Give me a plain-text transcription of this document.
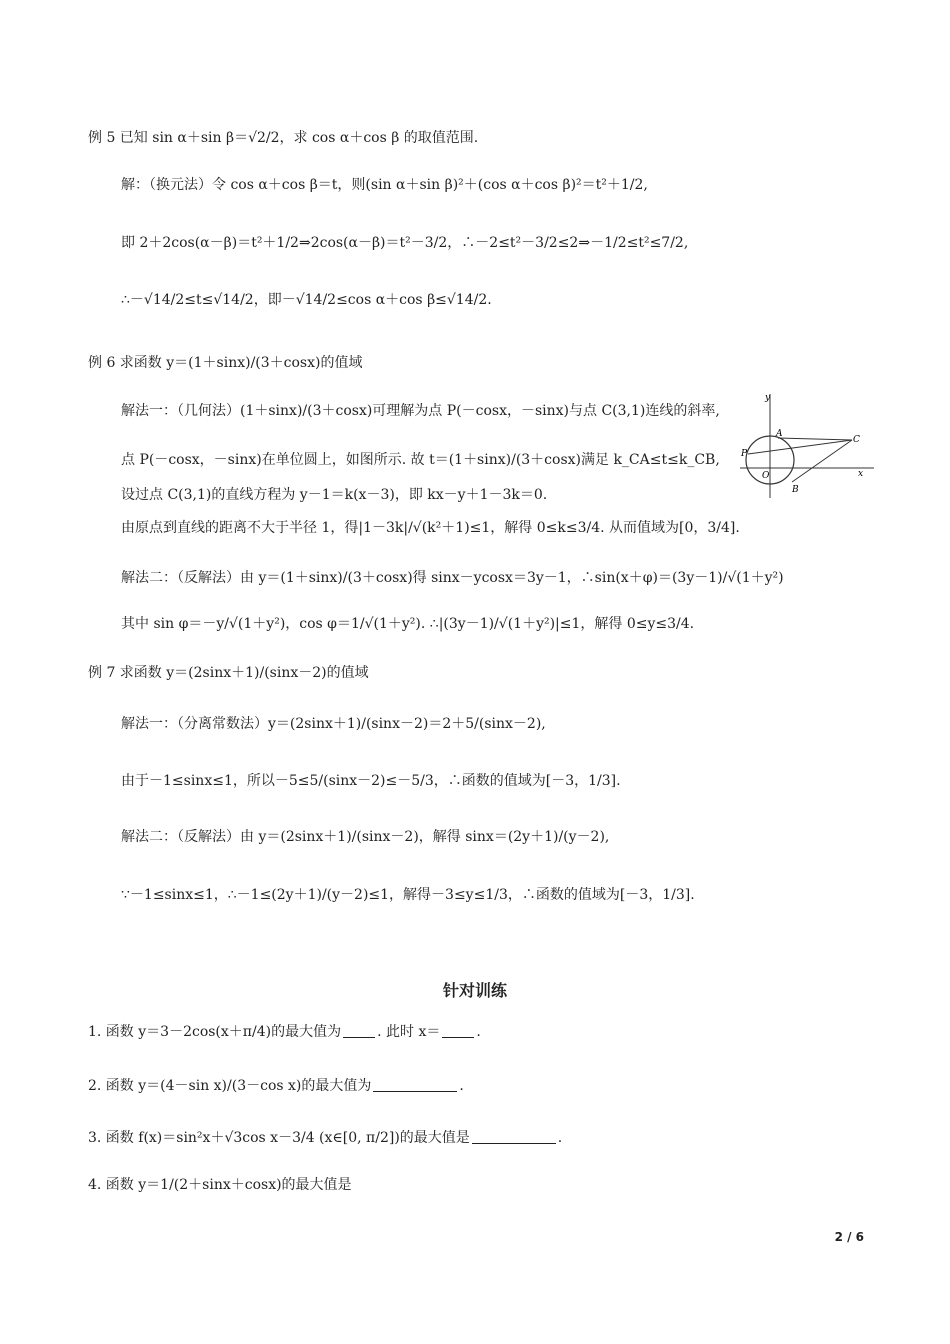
例 5 已知 sin α＋sin β＝√2/2，求 cos α＋cos β 的取值范围.
解：（换元法）令 cos α＋cos β＝t，则(sin α＋sin β)²＋(cos α＋cos β)²＝t²＋1/2,
即 2＋2cos(α－β)＝t²＋1/2⇒2cos(α－β)＝t²－3/2，∴－2≤t²－3/2≤2⇒－1/2≤t²≤7/2,
∴－√14/2≤t≤√14/2，即－√14/2≤cos α＋cos β≤√14/2.
例 6 求函数 y＝(1＋sinx)/(3＋cosx)的值域
解法一：（几何法）(1＋sinx)/(3＋cosx)可理解为点 P(－cosx，－sinx)与点 C(3,1)连线的斜率,
点 P(－cosx，－sinx)在单位圆上，如图所示. 故 t＝(1＋sinx)/(3＋cosx)满足 k_CA≤t≤k_CB,
设过点 C(3,1)的直线方程为 y－1＝k(x－3)，即 kx－y＋1－3k＝0.
由原点到直线的距离不大于半径 1，得|1－3k|/√(k²＋1)≤1，解得 0≤k≤3/4. 从而值域为[0，3/4].
解法二：（反解法）由 y＝(1＋sinx)/(3＋cosx)得 sinx－ycosx＝3y－1，∴sin(x＋φ)＝(3y－1)/√(1＋y²)
其中 sin φ＝－y/√(1＋y²)，cos φ＝1/√(1＋y²). ∴|(3y－1)/√(1＋y²)|≤1，解得 0≤y≤3/4.
例 7 求函数 y＝(2sinx＋1)/(sinx－2)的值域
解法一：（分离常数法）y＝(2sinx＋1)/(sinx－2)＝2＋5/(sinx－2),
由于－1≤sinx≤1，所以－5≤5/(sinx－2)≤－5/3，∴函数的值域为[－3，1/3].
解法二：（反解法）由 y＝(2sinx＋1)/(sinx－2)，解得 sinx＝(2y＋1)/(y－2),
∵－1≤sinx≤1，∴－1≤(2y＋1)/(y－2)≤1，解得－3≤y≤1/3，∴函数的值域为[－3，1/3].
针对训练
1. 函数 y＝3－2cos(x＋π/4)的最大值为	. 此时 x＝	.
2. 函数 y＝(4－sin x)/(3－cos x)的最大值为	.
3. 函数 f(x)＝sin²x＋√3cos x－3/4 (x∈[0, π/2])的最大值是	.
4. 函数 y＝1/(2＋sinx＋cosx)的最大值是
y
x
A
C
P
O
B
2 / 6
